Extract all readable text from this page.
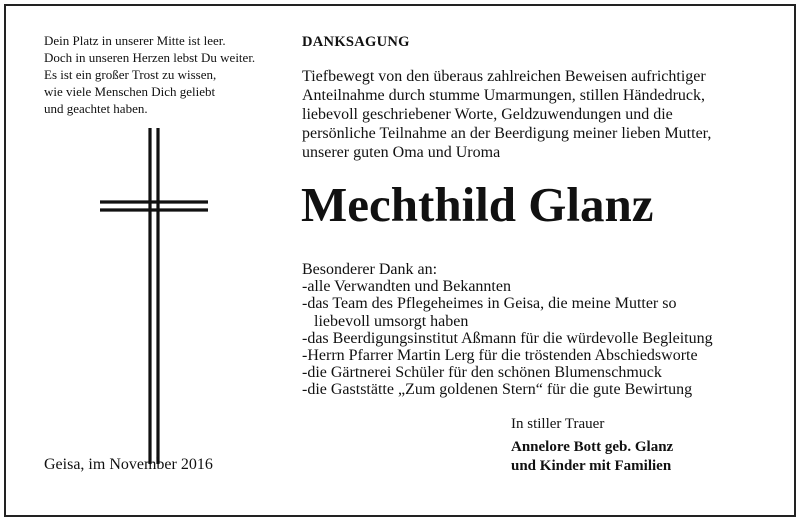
Dein Platz in unserer Mitte ist leer.
Doch in unseren Herzen lebst Du weiter.
Es ist ein großer Trost zu wissen,
wie viele Menschen Dich geliebt
und geachtet haben.
Geisa, im November 2016
DANKSAGUNG
Tiefbewegt von den überaus zahlreichen Beweisen aufrichtiger
Anteilnahme durch stumme Umarmungen, stillen Händedruck,
liebevoll geschriebener Worte, Geldzuwendungen und die
persönliche Teilnahme an der Beerdigung meiner lieben Mutter,
unserer guten Oma und Uroma
Mechthild Glanz
Besonderer Dank an:
-alle Verwandten und Bekannten
-das Team des Pflegeheimes in Geisa, die meine Mutter so
liebevoll umsorgt haben
-das Beerdigungsinstitut Aßmann für die würdevolle Begleitung
-Herrn Pfarrer Martin Lerg für die tröstenden Abschiedsworte
-die Gärtnerei Schüler für den schönen Blumenschmuck
-die Gaststätte „Zum goldenen Stern“ für die gute Bewirtung
In stiller Trauer
Annelore Bott geb. Glanz
und Kinder mit Familien
